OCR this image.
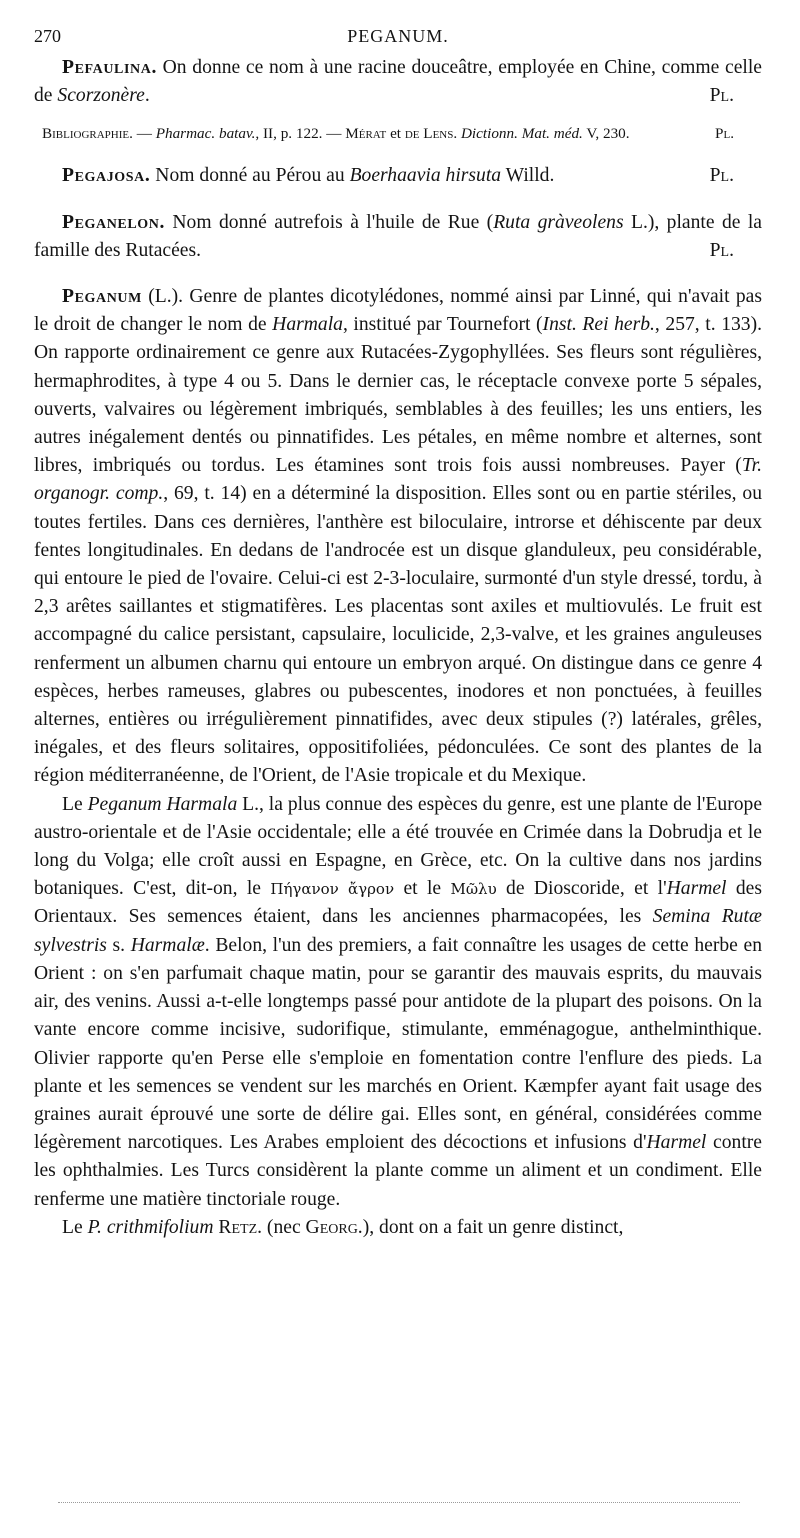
270	PEGANUM.

Pefaulina. On donne ce nom à une racine douceâtre, employée en Chine, comme celle de Scorzonère.	Pl.

Bibliographie. — Pharmac. batav., II, p. 122. — Mérat et de Lens. Dictionn. Mat. méd. V, 230.	Pl.

Pegajosa. Nom donné au Pérou au Boerhaavia hirsuta Willd.	Pl.

Peganelon. Nom donné autrefois à l'huile de Rue (Ruta gràveolens L.), plante de la famille des Rutacées.	Pl.

Peganum (L.). Genre de plantes dicotylédones, nommé ainsi par Linné, qui n'avait pas le droit de changer le nom de Harmala, institué par Tournefort (Inst. Rei herb., 257, t. 133). On rapporte ordinairement ce genre aux Rutacées-Zygophyllées. Ses fleurs sont régulières, hermaphrodites, à type 4 ou 5. Dans le dernier cas, le réceptacle convexe porte 5 sépales, ouverts, valvaires ou légèrement imbriqués, semblables à des feuilles; les uns entiers, les autres inégalement dentés ou pinnatifides. Les pétales, en même nombre et alternes, sont libres, imbriqués ou tordus. Les étamines sont trois fois aussi nombreuses. Payer (Tr. organogr. comp., 69, t. 14) en a déterminé la disposition. Elles sont ou en partie stériles, ou toutes fertiles. Dans ces dernières, l'anthère est biloculaire, introrse et déhiscente par deux fentes longitudinales. En dedans de l'androcée est un disque glanduleux, peu considérable, qui entoure le pied de l'ovaire. Celui-ci est 2-3-loculaire, surmonté d'un style dressé, tordu, à 2,3 arêtes saillantes et stigmatifères. Les placentas sont axiles et multiovulés. Le fruit est accompagné du calice persistant, capsulaire, loculicide, 2,3-valve, et les graines anguleuses renferment un albumen charnu qui entoure un embryon arqué. On distingue dans ce genre 4 espèces, herbes rameuses, glabres ou pubescentes, inodores et non ponctuées, à feuilles alternes, entières ou irrégulièrement pinnatifides, avec deux stipules (?) latérales, grêles, inégales, et des fleurs solitaires, oppositifoliées, pédonculées. Ce sont des plantes de la région méditerranéenne, de l'Orient, de l'Asie tropicale et du Mexique.

Le Peganum Harmala L., la plus connue des espèces du genre, est une plante de l'Europe austro-orientale et de l'Asie occidentale; elle a été trouvée en Crimée dans la Dobrudja et le long du Volga; elle croît aussi en Espagne, en Grèce, etc. On la cultive dans nos jardins botaniques. C'est, dit-on, le Πήγανον ἄγρον et le Μῶλυ de Dioscoride, et l'Harmel des Orientaux. Ses semences étaient, dans les anciennes pharmacopées, les Semina Rutæ sylvestris s. Harmalæ. Belon, l'un des premiers, a fait connaître les usages de cette herbe en Orient : on s'en parfumait chaque matin, pour se garantir des mauvais esprits, du mauvais air, des venins. Aussi a-t-elle longtemps passé pour antidote de la plupart des poisons. On la vante encore comme incisive, sudorifique, stimulante, emménagogue, anthelminthique. Olivier rapporte qu'en Perse elle s'emploie en fomentation contre l'enflure des pieds. La plante et les semences se vendent sur les marchés en Orient. Kæmpfer ayant fait usage des graines aurait éprouvé une sorte de délire gai. Elles sont, en général, considérées comme légèrement narcotiques. Les Arabes emploient des décoctions et infusions d'Harmel contre les ophthalmies. Les Turcs considèrent la plante comme un aliment et un condiment. Elle renferme une matière tinctoriale rouge.

Le P. crithmifolium Retz. (nec Georg.), dont on a fait un genre distinct,
